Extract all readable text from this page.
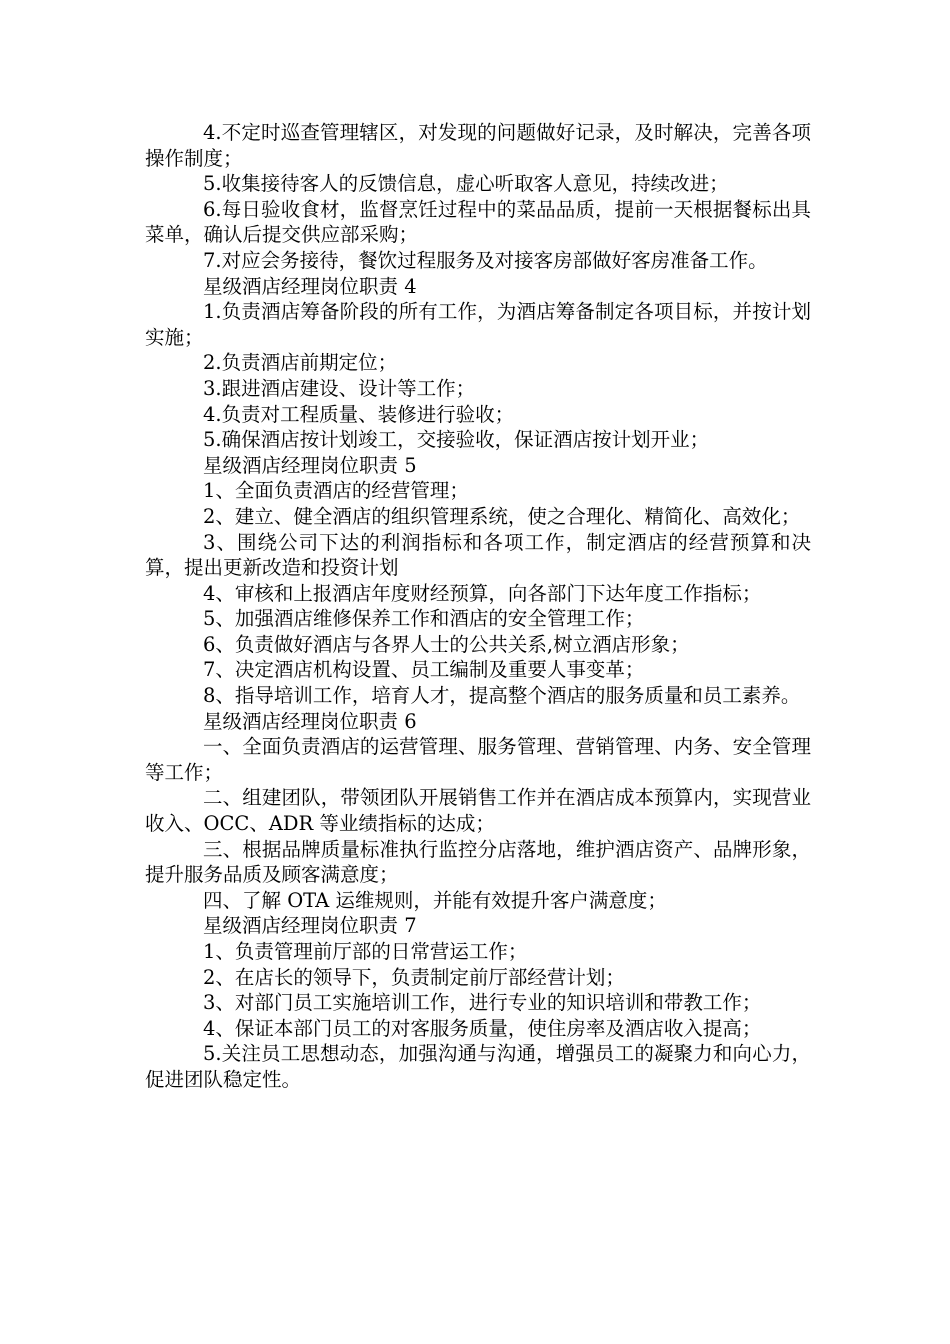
4.不定时巡查管理辖区，对发现的问题做好记录，及时解决，完善各项操作制度；

5.收集接待客人的反馈信息，虚心听取客人意见，持续改进；

6.每日验收食材，监督烹饪过程中的菜品品质，提前一天根据餐标出具菜单，确认后提交供应部采购；

7.对应会务接待，餐饮过程服务及对接客房部做好客房准备工作。

星级酒店经理岗位职责 4

1.负责酒店筹备阶段的所有工作，为酒店筹备制定各项目标，并按计划实施；

2.负责酒店前期定位；

3.跟进酒店建设、设计等工作；

4.负责对工程质量、装修进行验收；

5.确保酒店按计划竣工，交接验收，保证酒店按计划开业；

星级酒店经理岗位职责 5

1、全面负责酒店的经营管理；

2、建立、健全酒店的组织管理系统，使之合理化、精简化、高效化；

3、围绕公司下达的利润指标和各项工作，制定酒店的经营预算和决算，提出更新改造和投资计划

4、审核和上报酒店年度财经预算，向各部门下达年度工作指标；

5、加强酒店维修保养工作和酒店的安全管理工作；

6、负责做好酒店与各界人士的公共关系,树立酒店形象；

7、决定酒店机构设置、员工编制及重要人事变革；

8、指导培训工作，培育人才，提高整个酒店的服务质量和员工素养。

星级酒店经理岗位职责 6

一、全面负责酒店的运营管理、服务管理、营销管理、内务、安全管理等工作；

二、组建团队，带领团队开展销售工作并在酒店成本预算内，实现营业收入、OCC、ADR 等业绩指标的达成；

三、根据品牌质量标准执行监控分店落地，维护酒店资产、品牌形象，提升服务品质及顾客满意度；

四、了解 OTA 运维规则，并能有效提升客户满意度；

星级酒店经理岗位职责 7

1、负责管理前厅部的日常营运工作；

2、在店长的领导下，负责制定前厅部经营计划；

3、对部门员工实施培训工作，进行专业的知识培训和带教工作；

4、保证本部门员工的对客服务质量，使住房率及酒店收入提高；

5.关注员工思想动态，加强沟通与沟通，增强员工的凝聚力和向心力，促进团队稳定性。
